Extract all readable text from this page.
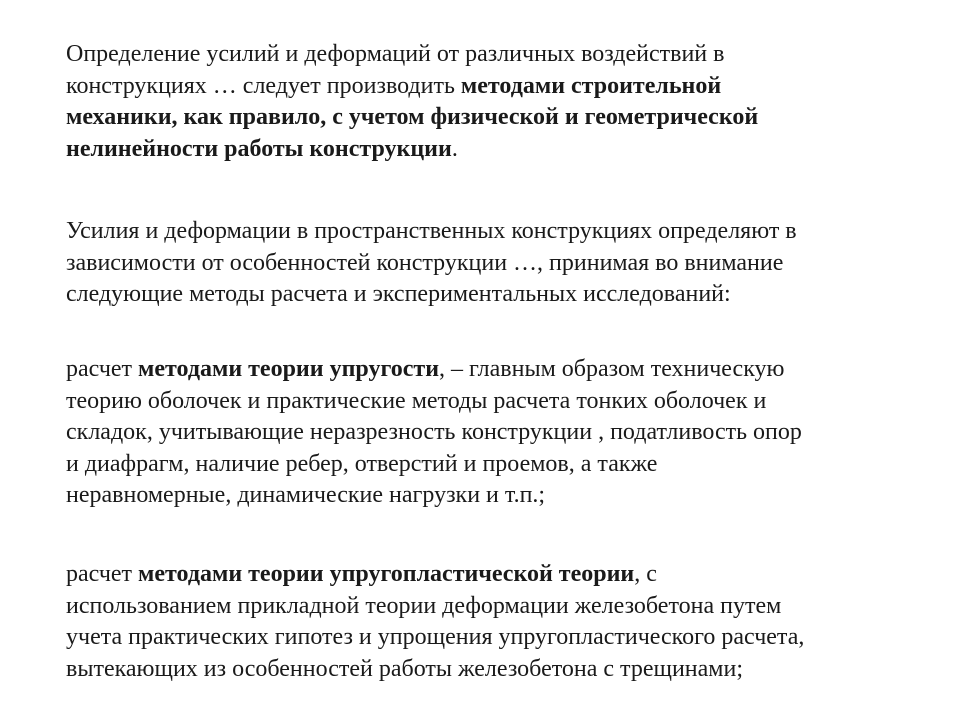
Определение усилий и деформаций от различных воздействий в
конструкциях … следует производить методами строительной
механики, как правило, с учетом физической и геометрической
нелинейности работы конструкции.

Усилия и деформации в пространственных конструкциях определяют в
зависимости от особенностей конструкции …, принимая во внимание
следующие методы расчета и экспериментальных исследований:

расчет методами теории упругости, – главным образом техническую
теорию оболочек и практические методы расчета тонких оболочек и
складок, учитывающие неразрезность конструкции , податливость опор
и диафрагм, наличие ребер, отверстий и проемов, а также
неравномерные, динамические нагрузки и т.п.;

расчет методами теории упругопластической теории, с
использованием прикладной теории деформации железобетона путем
учета практических гипотез и упрощения упругопластического расчета,
вытекающих из особенностей работы железобетона с трещинами;
